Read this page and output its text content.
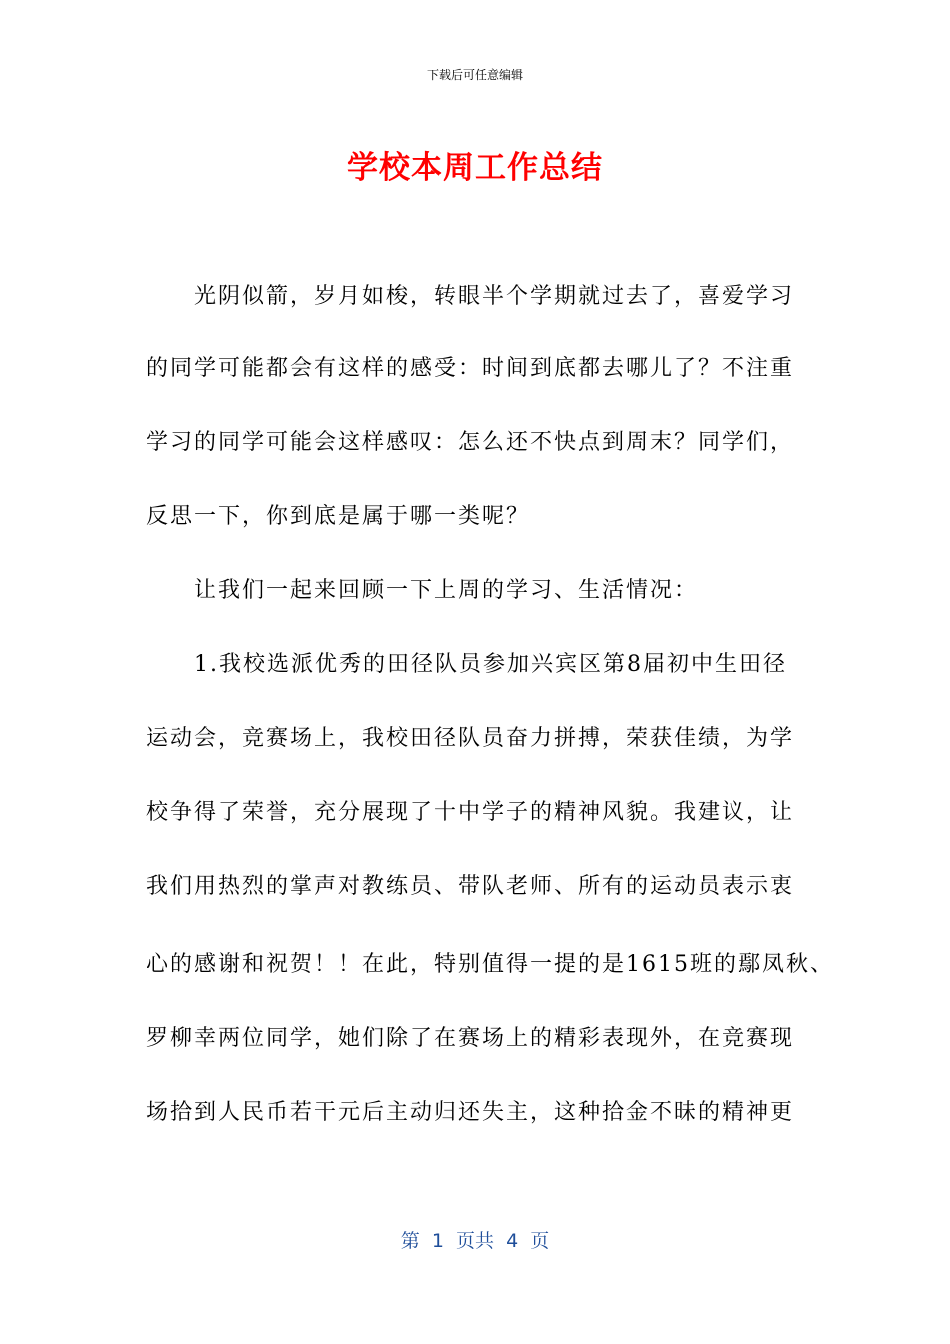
下载后可任意编辑
学校本周工作总结
光阴似箭，岁月如梭，转眼半个学期就过去了，喜爱学习
的同学可能都会有这样的感受：时间到底都去哪儿了？不注重
学习的同学可能会这样感叹：怎么还不快点到周末？同学们，
反思一下，你到底是属于哪一类呢？
让我们一起来回顾一下上周的学习、生活情况：
1.我校选派优秀的田径队员参加兴宾区第8届初中生田径
运动会，竞赛场上，我校田径队员奋力拼搏，荣获佳绩，为学
校争得了荣誉，充分展现了十中学子的精神风貌。我建议，让
我们用热烈的掌声对教练员、带队老师、所有的运动员表示衷
心的感谢和祝贺！！在此，特别值得一提的是1615班的鄢凤秋、
罗柳幸两位同学，她们除了在赛场上的精彩表现外，在竞赛现
场拾到人民币若干元后主动归还失主，这种拾金不昧的精神更
第  1  页共  4  页
